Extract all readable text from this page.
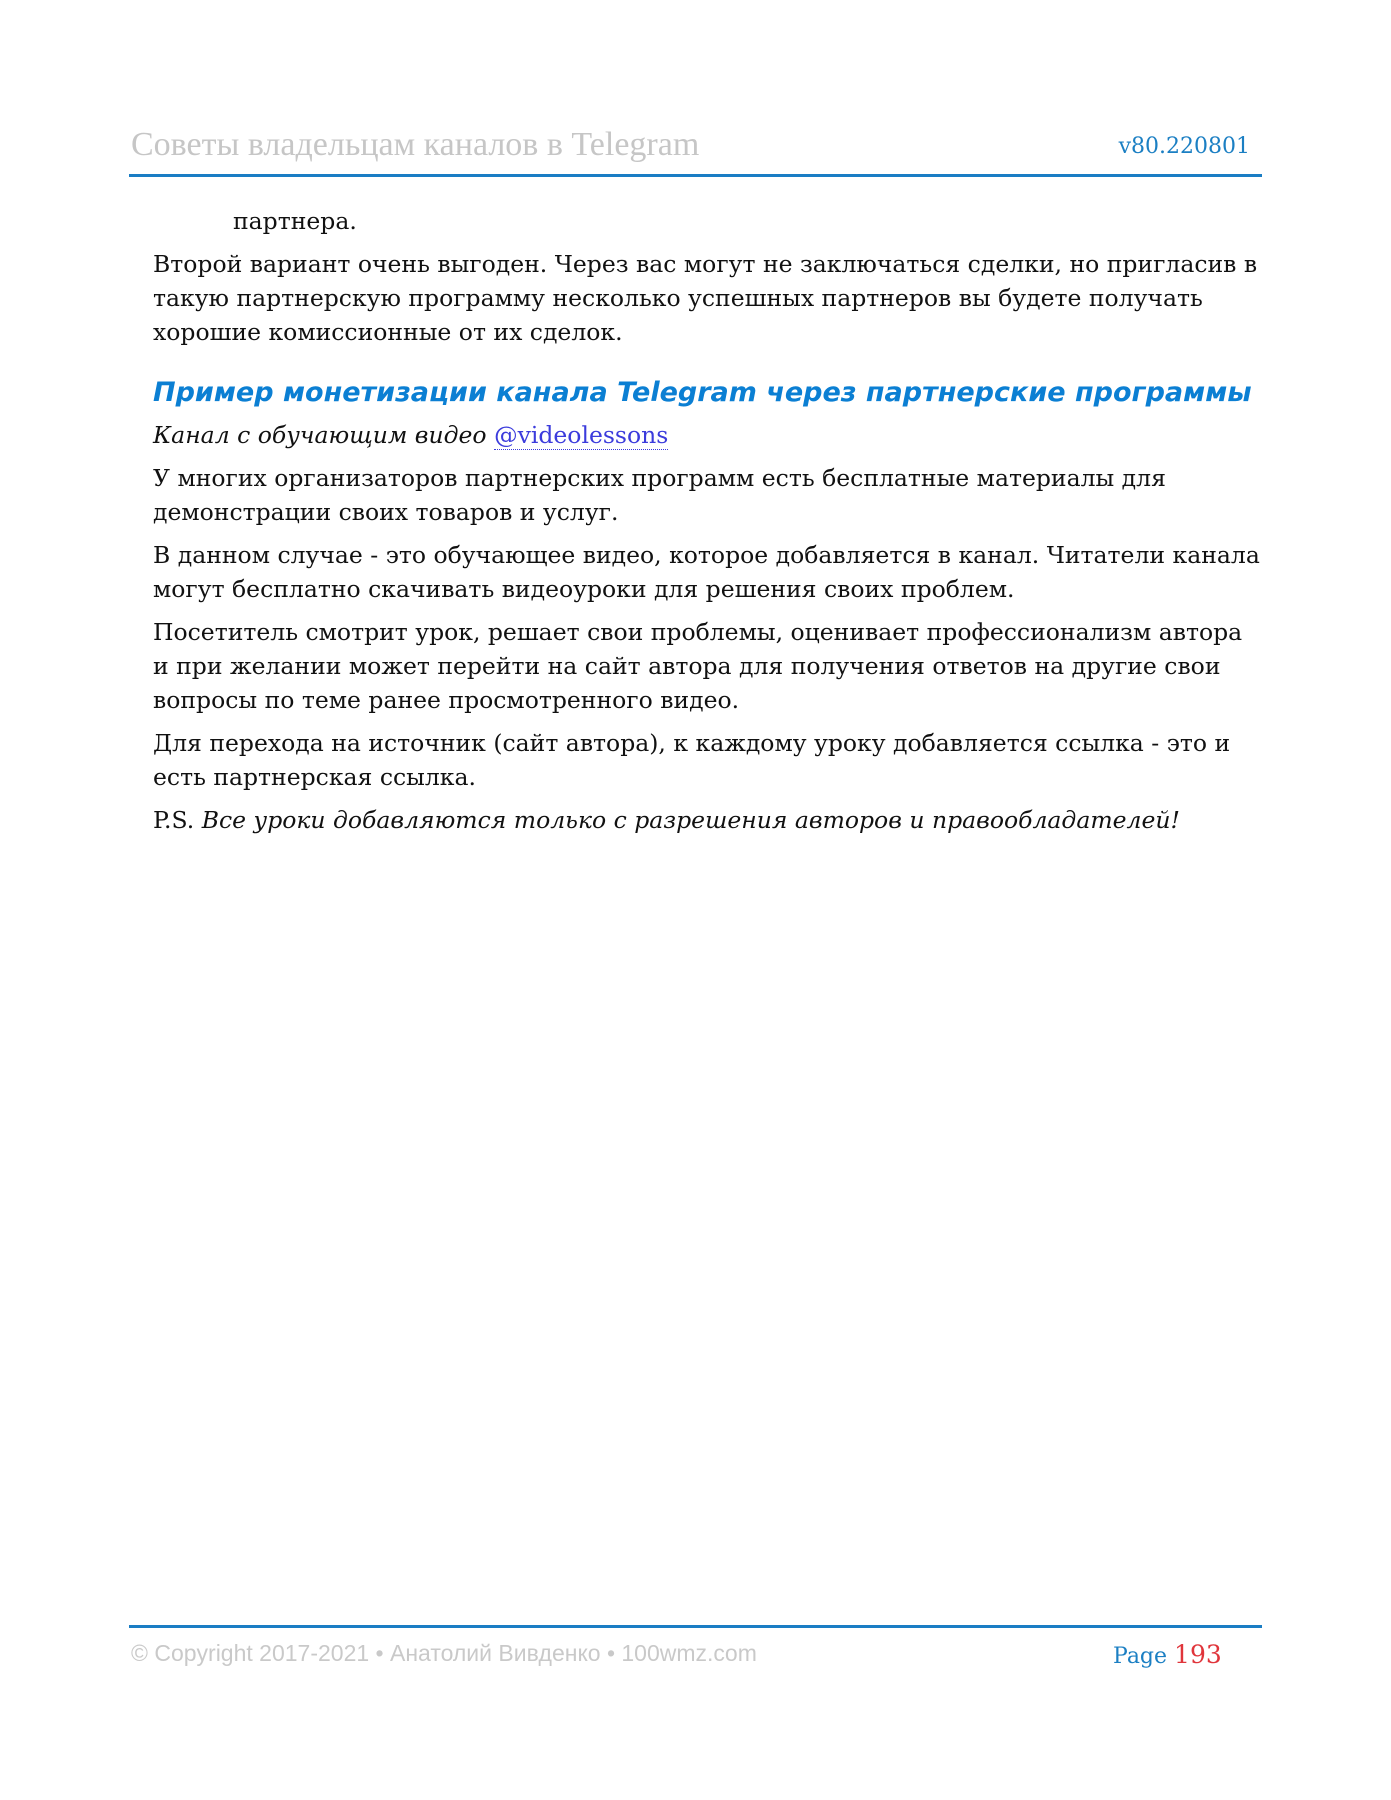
Советы владельцам каналов в Telegram	v80.220801

партнера.

Второй вариант очень выгоден. Через вас могут не заключаться сделки, но пригласив в такую партнерскую программу несколько успешных партнеров вы будете получать хорошие комиссионные от их сделок.

Пример монетизации канала Telegram через партнерские программы

Канал с обучающим видео @videolessons

У многих организаторов партнерских программ есть бесплатные материалы для демонстрации своих товаров и услуг.

В данном случае - это обучающее видео, которое добавляется в канал. Читатели канала могут бесплатно скачивать видеоуроки для решения своих проблем.

Посетитель смотрит урок, решает свои проблемы, оценивает профессионализм автора и при желании может перейти на сайт автора для получения ответов на другие свои вопросы по теме ранее просмотренного видео.

Для перехода на источник (сайт автора), к каждому уроку добавляется ссылка - это и есть партнерская ссылка.

P.S. Все уроки добавляются только с разрешения авторов и правообладателей!

© Copyright 2017-2021 • Анатолий Вивденко • 100wmz.com	Page 193
